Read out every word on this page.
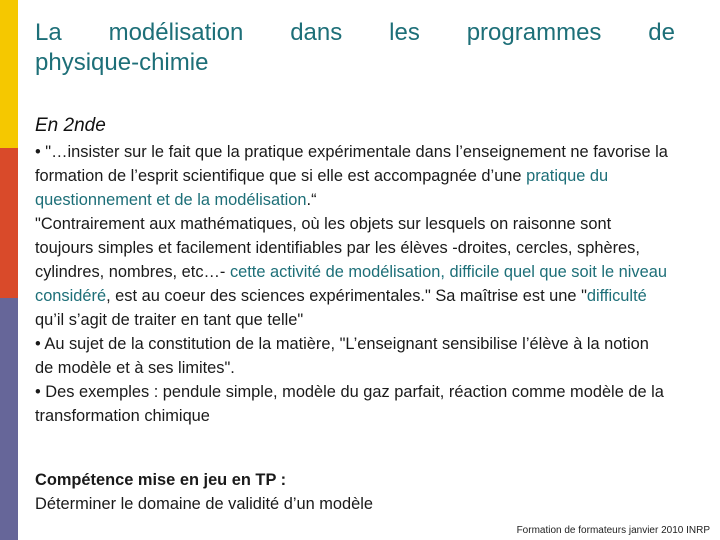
La modélisation dans les programmes de
physique-chimie
En 2nde

• "…insister sur le fait que la pratique expérimentale dans l’enseignement ne favorise la formation de l’esprit scientifique que si elle est accompagnée d’une pratique du questionnement et de la modélisation.“

"Contrairement aux mathématiques, où les objets sur lesquels on raisonne sont toujours simples et facilement identifiables par les élèves -droites, cercles, sphères, cylindres, nombres, etc…- cette activité de modélisation, difficile quel que soit le niveau considéré, est au coeur des sciences expérimentales." Sa maîtrise est une "difficulté qu’il s’agit de traiter en tant que telle"

• Au sujet de la constitution de la matière, "L’enseignant sensibilise l’élève à la notion de modèle et à ses limites".

• Des exemples : pendule simple, modèle du gaz parfait, réaction comme modèle de la transformation chimique

Compétence mise en jeu en TP :
Déterminer le domaine de validité d’un modèle
Formation de formateurs janvier 2010 INRP
